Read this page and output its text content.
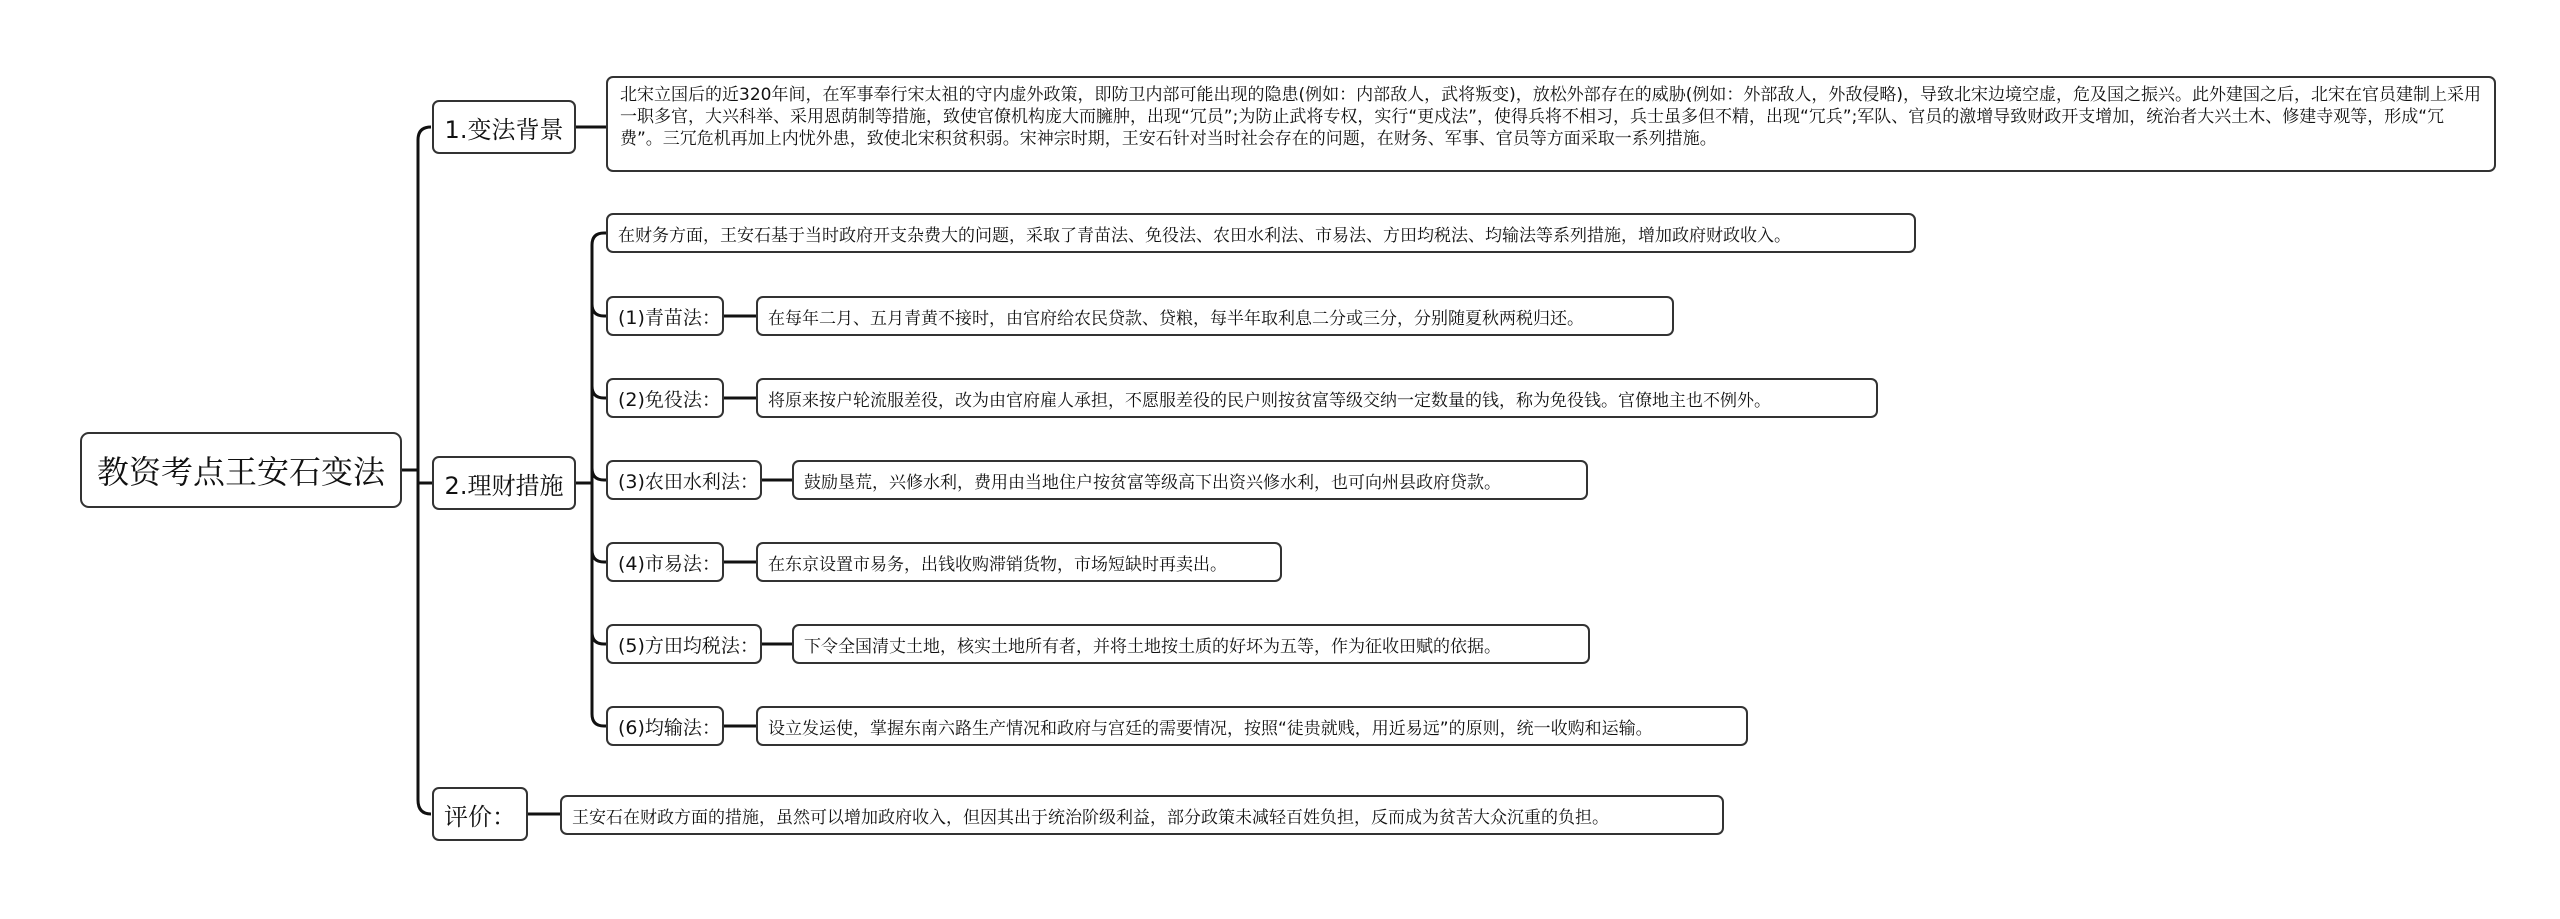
教资考点王安石变法
1.变法背景
北宋立国后的近320年间，在军事奉行宋太祖的守内虚外政策，即防卫内部可能出现的隐患(例如：内部敌人，武将叛变)，放松外部存在的威胁(例如：外部敌人，外敌侵略)，导致北宋边境空虚，危及国之振兴。此外建国之后，北宋在官员建制上采用一职多官，大兴科举、采用恩荫制等措施，致使官僚机构庞大而臃肿，出现“冗员”;为防止武将专权，实行“更戍法”，使得兵将不相习，兵士虽多但不精，出现“冗兵”;军队、官员的激增导致财政开支增加，统治者大兴土木、修建寺观等，形成“冗费”。三冗危机再加上内忧外患，致使北宋积贫积弱。宋神宗时期，王安石针对当时社会存在的问题，在财务、军事、官员等方面采取一系列措施。
2.理财措施
在财务方面，王安石基于当时政府开支杂费大的问题，采取了青苗法、免役法、农田水利法、市易法、方田均税法、均输法等系列措施，增加政府财政收入。
(1)青苗法：	在每年二月、五月青黄不接时，由官府给农民贷款、贷粮，每半年取利息二分或三分，分别随夏秋两税归还。
(2)免役法：	将原来按户轮流服差役，改为由官府雇人承担，不愿服差役的民户则按贫富等级交纳一定数量的钱，称为免役钱。官僚地主也不例外。
(3)农田水利法：	鼓励垦荒，兴修水利，费用由当地住户按贫富等级高下出资兴修水利，也可向州县政府贷款。
(4)市易法：	在东京设置市易务，出钱收购滞销货物，市场短缺时再卖出。
(5)方田均税法：	下令全国清丈土地，核实土地所有者，并将土地按土质的好坏为五等，作为征收田赋的依据。
(6)均输法：	设立发运使，掌握东南六路生产情况和政府与宫廷的需要情况，按照“徒贵就贱，用近易远”的原则，统一收购和运输。
评价：	王安石在财政方面的措施，虽然可以增加政府收入，但因其出于统治阶级利益，部分政策未减轻百姓负担，反而成为贫苦大众沉重的负担。
